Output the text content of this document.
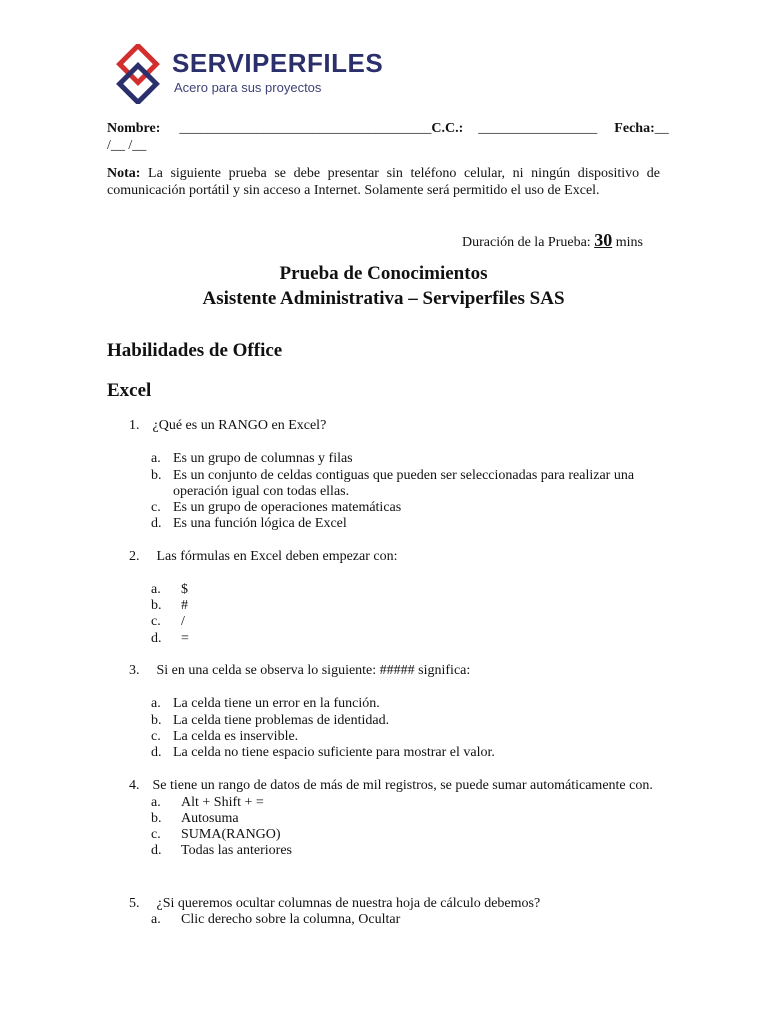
SERVIPERFILES
Acero para sus proyectos
Nombre: ____________________________________C.C.: _________________ Fecha:__
/__ /__
Nota: La siguiente prueba se debe presentar sin teléfono celular, ni ningún dispositivo de comunicación portátil y sin acceso a Internet. Solamente será permitido el uso de Excel.
Duración de la Prueba: 30 mins
Prueba de Conocimientos
Asistente Administrativa – Serviperfiles SAS
Habilidades de Office
Excel
1. ¿Qué es un RANGO en Excel?
a. Es un grupo de columnas y filas
b. Es un conjunto de celdas contiguas que pueden ser seleccionadas para realizar una
operación igual con todas ellas.
c. Es un grupo de operaciones matemáticas
d. Es una función lógica de Excel
2. Las fórmulas en Excel deben empezar con:
a. $
b. #
c. /
d. =
3. Si en una celda se observa lo siguiente: ##### significa:
a. La celda tiene un error en la función.
b. La celda tiene problemas de identidad.
c. La celda es inservible.
d. La celda no tiene espacio suficiente para mostrar el valor.
4. Se tiene un rango de datos de más de mil registros, se puede sumar automáticamente con.
a. Alt + Shift + =
b. Autosuma
c. SUMA(RANGO)
d. Todas las anteriores
5. ¿Si queremos ocultar columnas de nuestra hoja de cálculo debemos?
a. Clic derecho sobre la columna, Ocultar
